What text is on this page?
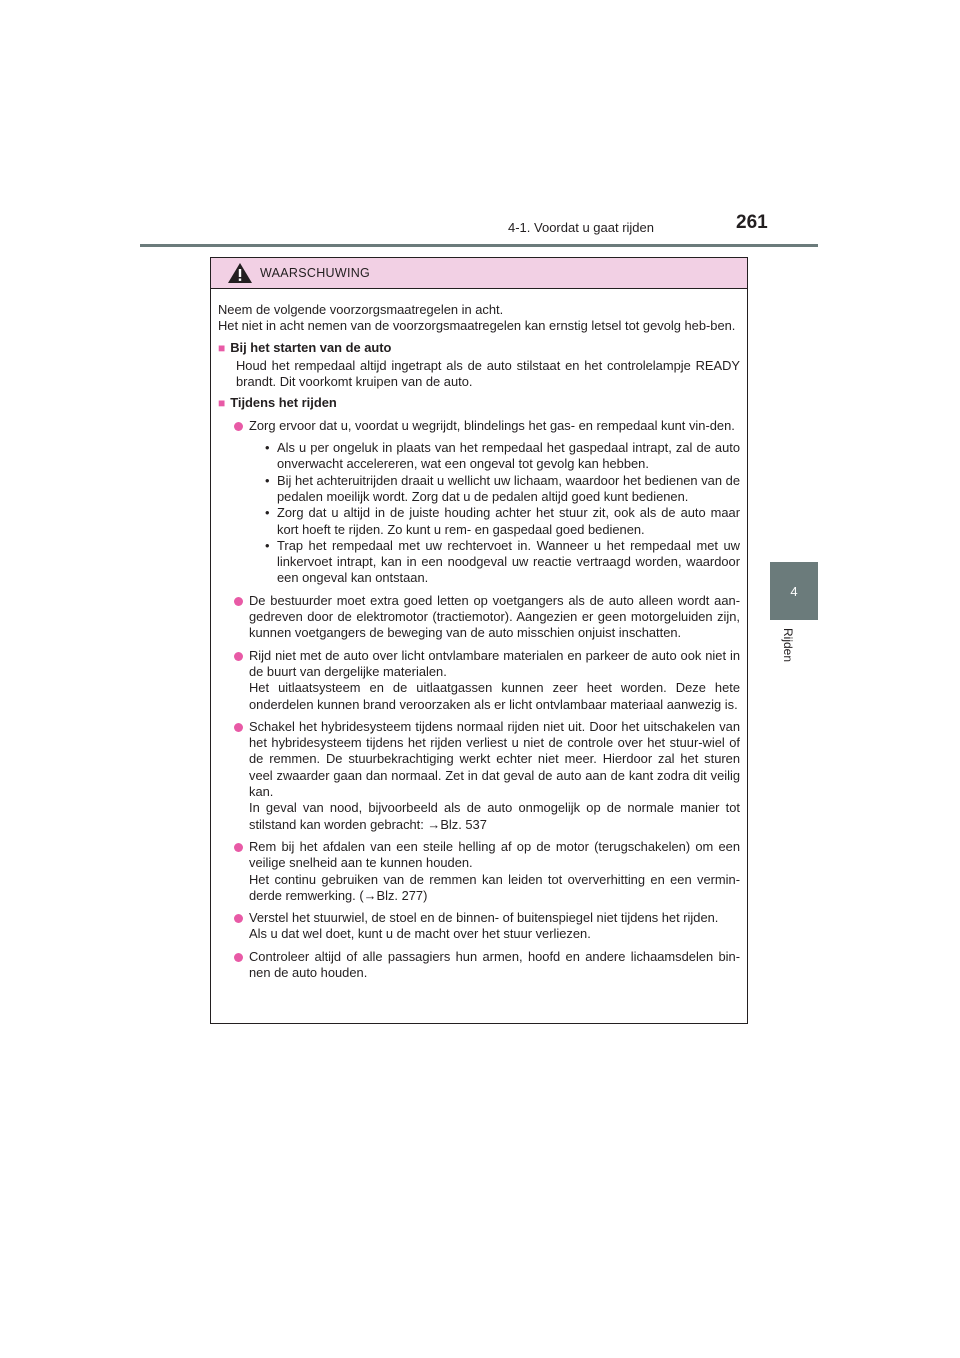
4-1. Voordat u gaat rijden	261
4
Rijden
WAARSCHUWING

Neem de volgende voorzorgsmaatregelen in acht.
Het niet in acht nemen van de voorzorgsmaatregelen kan ernstig letsel tot gevolg heb-ben.

■ Bij het starten van de auto

Houd het rempedaal altijd ingetrapt als de auto stilstaat en het controlelampje READY brandt. Dit voorkomt kruipen van de auto.

■ Tijdens het rijden
Zorg ervoor dat u, voordat u wegrijdt, blindelings het gas- en rempedaal kunt vin-den.
• Als u per ongeluk in plaats van het rempedaal het gaspedaal intrapt, zal de auto onverwacht accelereren, wat een ongeval tot gevolg kan hebben.
• Bij het achteruitrijden draait u wellicht uw lichaam, waardoor het bedienen van de pedalen moeilijk wordt. Zorg dat u de pedalen altijd goed kunt bedienen.
• Zorg dat u altijd in de juiste houding achter het stuur zit, ook als de auto maar kort hoeft te rijden. Zo kunt u rem- en gaspedaal goed bedienen.
• Trap het rempedaal met uw rechtervoet in. Wanneer u het rempedaal met uw linkervoet intrapt, kan in een noodgeval uw reactie vertraagd worden, waardoor een ongeval kan ontstaan.
De bestuurder moet extra goed letten op voetgangers als de auto alleen wordt aan-gedreven door de elektromotor (tractiemotor). Aangezien er geen motorgeluiden zijn, kunnen voetgangers de beweging van de auto misschien onjuist inschatten.
Rijd niet met de auto over licht ontvlambare materialen en parkeer de auto ook niet in de buurt van dergelijke materialen.
Het uitlaatsysteem en de uitlaatgassen kunnen zeer heet worden. Deze hete onderdelen kunnen brand veroorzaken als er licht ontvlambaar materiaal aanwezig is.
Schakel het hybridesysteem tijdens normaal rijden niet uit. Door het uitschakelen van het hybridesysteem tijdens het rijden verliest u niet de controle over het stuur-wiel of de remmen. De stuurbekrachtiging werkt echter niet meer. Hierdoor zal het sturen veel zwaarder gaan dan normaal. Zet in dat geval de auto aan de kant zodra dit veilig kan.
In geval van nood, bijvoorbeeld als de auto onmogelijk op de normale manier tot stilstand kan worden gebracht: →Blz. 537
Rem bij het afdalen van een steile helling af op de motor (terugschakelen) om een veilige snelheid aan te kunnen houden.
Het continu gebruiken van de remmen kan leiden tot oververhitting en een vermin-derde remwerking. (→Blz. 277)
Verstel het stuurwiel, de stoel en de binnen- of buitenspiegel niet tijdens het rijden.
Als u dat wel doet, kunt u de macht over het stuur verliezen.
Controleer altijd of alle passagiers hun armen, hoofd en andere lichaamsdelen bin-nen de auto houden.
